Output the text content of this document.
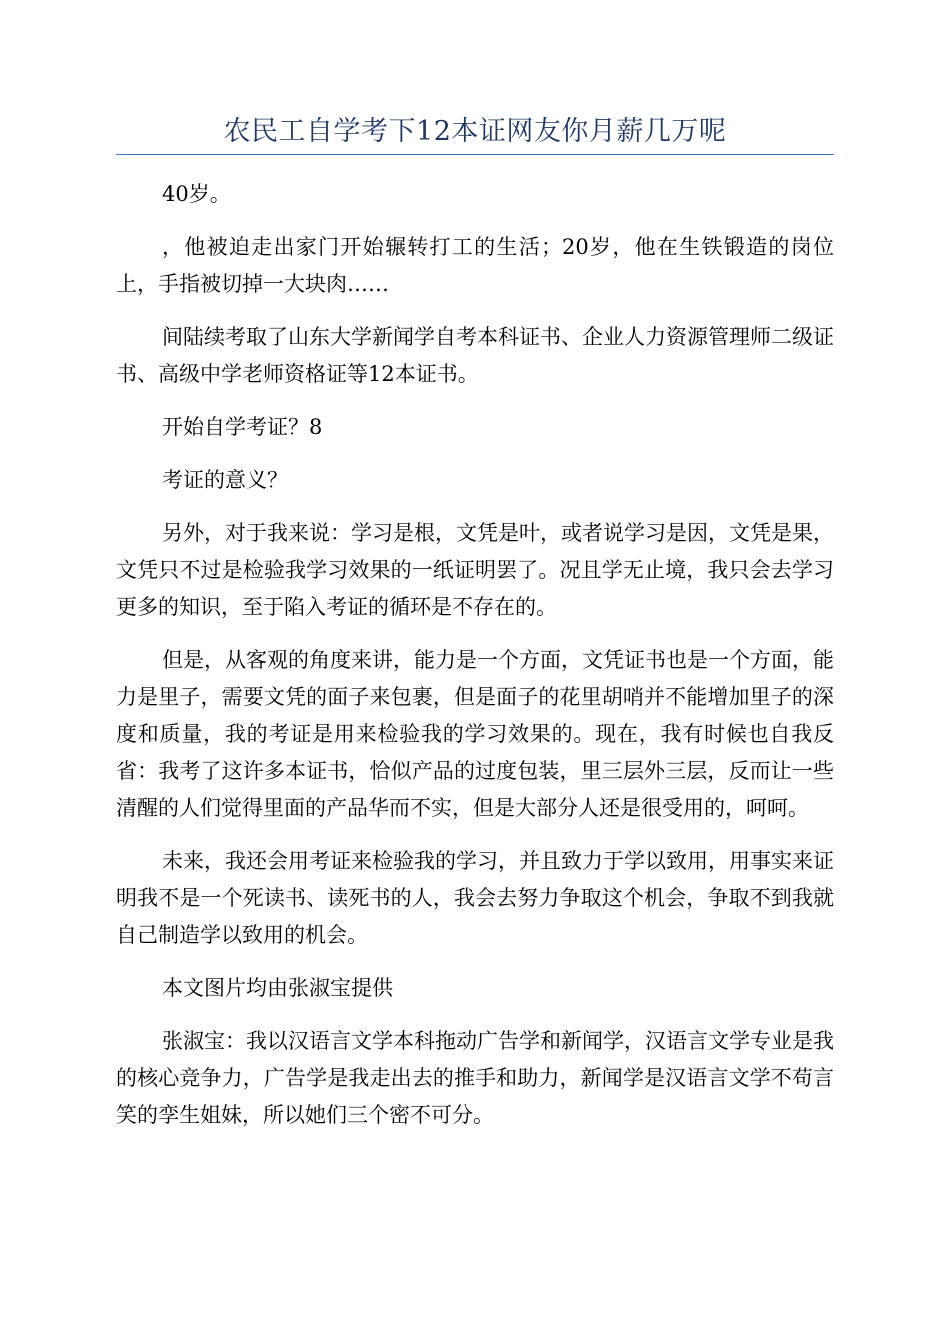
农民工自学考下12本证网友你月薪几万呢

40岁。

，他被迫走出家门开始辗转打工的生活；20岁，他在生铁锻造的岗位上，手指被切掉一大块肉……

间陆续考取了山东大学新闻学自考本科证书、企业人力资源管理师二级证书、高级中学老师资格证等12本证书。

开始自学考证？8

考证的意义？

另外，对于我来说：学习是根，文凭是叶，或者说学习是因，文凭是果，文凭只不过是检验我学习效果的一纸证明罢了。况且学无止境，我只会去学习更多的知识，至于陷入考证的循环是不存在的。

但是，从客观的角度来讲，能力是一个方面，文凭证书也是一个方面，能力是里子，需要文凭的面子来包裹，但是面子的花里胡哨并不能增加里子的深度和质量，我的考证是用来检验我的学习效果的。现在，我有时候也自我反省：我考了这许多本证书，恰似产品的过度包装，里三层外三层，反而让一些清醒的人们觉得里面的产品华而不实，但是大部分人还是很受用的，呵呵。

未来，我还会用考证来检验我的学习，并且致力于学以致用，用事实来证明我不是一个死读书、读死书的人，我会去努力争取这个机会，争取不到我就自己制造学以致用的机会。

本文图片均由张淑宝提供

张淑宝：我以汉语言文学本科拖动广告学和新闻学，汉语言文学专业是我的核心竞争力，广告学是我走出去的推手和助力，新闻学是汉语言文学不苟言笑的孪生姐妹，所以她们三个密不可分。
